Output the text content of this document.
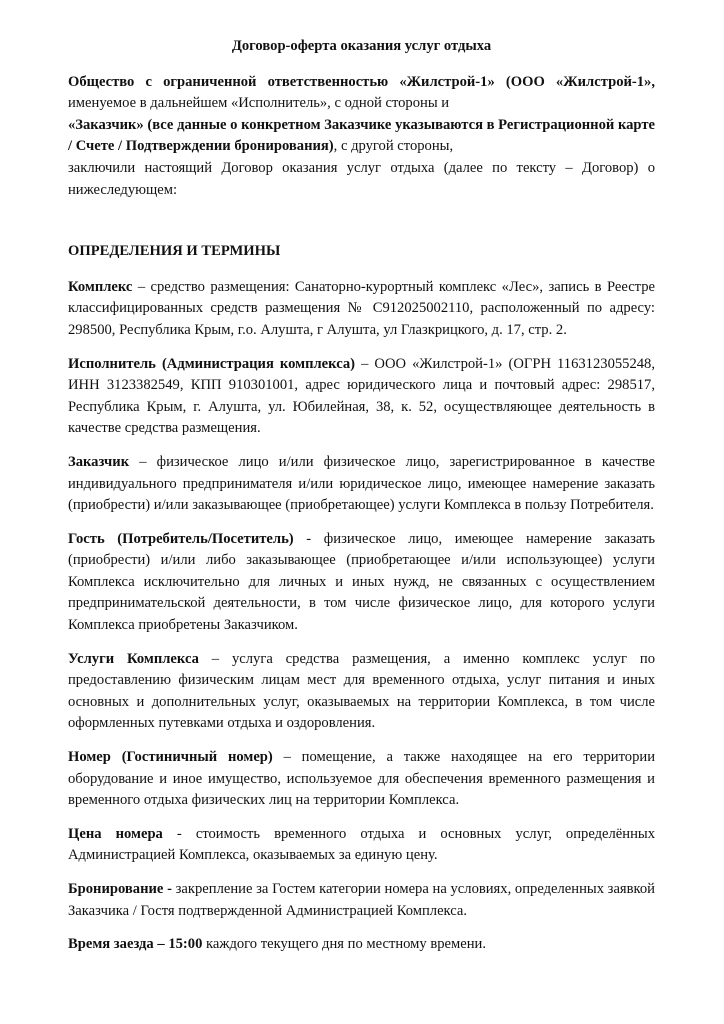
Договор-оферта оказания услуг отдыха

Общество с ограниченной ответственностью «Жилстрой-1» (ООО «Жилстрой-1», именуемое в дальнейшем «Исполнитель», с одной стороны и

«Заказчик» (все данные о конкретном Заказчике указываются в Регистрационной карте / Счете / Подтверждении бронирования), с другой стороны,

заключили настоящий Договор оказания услуг отдыха (далее по тексту – Договор) о нижеследующем:

ОПРЕДЕЛЕНИЯ И ТЕРМИНЫ

Комплекс – средство размещения: Санаторно-курортный комплекс «Лес», запись в Реестре классифицированных средств размещения № С912025002110, расположенный по адресу: 298500, Республика Крым, г.о. Алушта, г Алушта, ул Глазкрицкого, д. 17, стр. 2.

Исполнитель (Администрация комплекса) – ООО «Жилстрой-1» (ОГРН 1163123055248, ИНН 3123382549, КПП 910301001, адрес юридического лица и почтовый адрес: 298517, Республика Крым, г. Алушта, ул. Юбилейная, 38, к. 52, осуществляющее деятельность в качестве средства размещения.

Заказчик – физическое лицо и/или физическое лицо, зарегистрированное в качестве индивидуального предпринимателя и/или юридическое лицо, имеющее намерение заказать (приобрести) и/или заказывающее (приобретающее) услуги Комплекса в пользу Потребителя.

Гость (Потребитель/Посетитель) - физическое лицо, имеющее намерение заказать (приобрести) и/или либо заказывающее (приобретающее и/или использующее) услуги Комплекса исключительно для личных и иных нужд, не связанных с осуществлением предпринимательской деятельности, в том числе физическое лицо, для которого услуги Комплекса приобретены Заказчиком.

Услуги Комплекса – услуга средства размещения, а именно комплекс услуг по предоставлению физическим лицам мест для временного отдыха, услуг питания и иных основных и дополнительных услуг, оказываемых на территории Комплекса, в том числе оформленных путевками отдыха и оздоровления.

Номер (Гостиничный номер) – помещение, а также находящее на его территории оборудование и иное имущество, используемое для обеспечения временного размещения и временного отдыха физических лиц на территории Комплекса.

Цена номера - стоимость временного отдыха и основных услуг, определённых Администрацией Комплекса, оказываемых за единую цену.

Бронирование - закрепление за Гостем категории номера на условиях, определенных заявкой Заказчика / Гостя подтвержденной Администрацией Комплекса.

Время заезда – 15:00 каждого текущего дня по местному времени.
